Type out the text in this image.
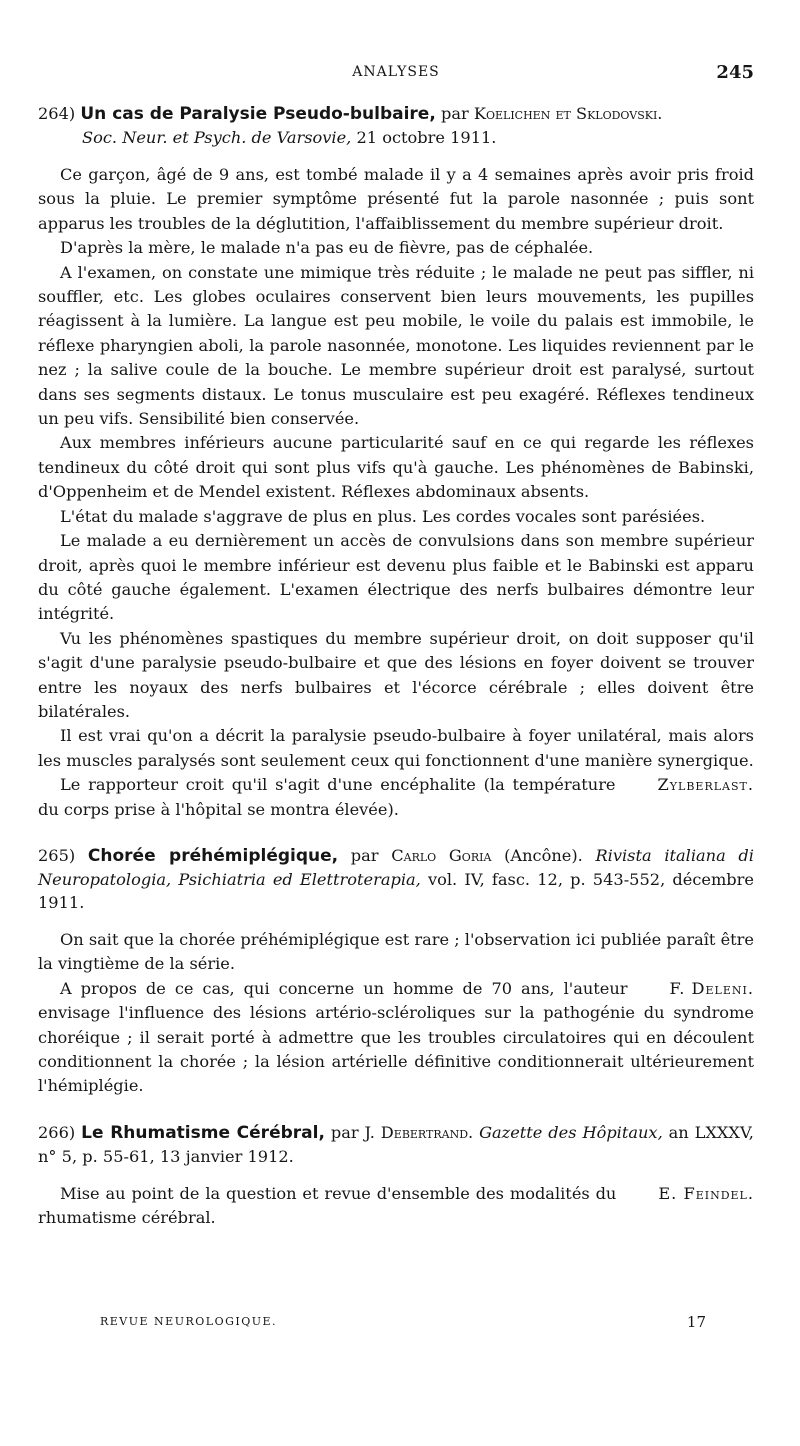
ANALYSES	245
264) Un cas de Paralysie Pseudo-bulbaire, par Koelichen et Sklodovski.
Soc. Neur. et Psych. de Varsovie, 21 octobre 1911.

Ce garçon, âgé de 9 ans, est tombé malade il y a 4 semaines après avoir pris froid sous la pluie. Le premier symptôme présenté fut la parole nasonnée ; puis sont apparus les troubles de la déglutition, l'affaiblissement du membre supérieur droit.

D'après la mère, le malade n'a pas eu de fièvre, pas de céphalée.

A l'examen, on constate une mimique très réduite ; le malade ne peut pas siffler, ni souffler, etc. Les globes oculaires conservent bien leurs mouvements, les pupilles réagissent à la lumière. La langue est peu mobile, le voile du palais est immobile, le réflexe pharyngien aboli, la parole nasonnée, monotone. Les liquides reviennent par le nez ; la salive coule de la bouche. Le membre supérieur droit est paralysé, surtout dans ses segments distaux. Le tonus musculaire est peu exagéré. Réflexes tendineux un peu vifs. Sensibilité bien conservée.

Aux membres inférieurs aucune particularité sauf en ce qui regarde les réflexes tendineux du côté droit qui sont plus vifs qu'à gauche. Les phénomènes de Babinski, d'Oppenheim et de Mendel existent. Réflexes abdominaux absents.

L'état du malade s'aggrave de plus en plus. Les cordes vocales sont parésiées.

Le malade a eu dernièrement un accès de convulsions dans son membre supérieur droit, après quoi le membre inférieur est devenu plus faible et le Babinski est apparu du côté gauche également. L'examen électrique des nerfs bulbaires démontre leur intégrité.

Vu les phénomènes spastiques du membre supérieur droit, on doit supposer qu'il s'agit d'une paralysie pseudo-bulbaire et que des lésions en foyer doivent se trouver entre les noyaux des nerfs bulbaires et l'écorce cérébrale ; elles doivent être bilatérales.

Il est vrai qu'on a décrit la paralysie pseudo-bulbaire à foyer unilatéral, mais alors les muscles paralysés sont seulement ceux qui fonctionnent d'une manière synergique.

Zylberlast.
Le rapporteur croit qu'il s'agit d'une encéphalite (la température du corps prise à l'hôpital se montra élevée).

265) Chorée préhémiplégique, par Carlo Goria (Ancône). Rivista italiana di Neuropatologia, Psichiatria ed Elettroterapia, vol. IV, fasc. 12, p. 543-552, décembre 1911.

On sait que la chorée préhémiplégique est rare ; l'observation ici publiée paraît être la vingtième de la série.

F. Deleni.
A propos de ce cas, qui concerne un homme de 70 ans, l'auteur envisage l'influence des lésions artério-scléroliques sur la pathogénie du syndrome choréique ; il serait porté à admettre que les troubles circulatoires qui en découlent conditionnent la chorée ; la lésion artérielle définitive conditionnerait ultérieurement l'hémiplégie.

266) Le Rhumatisme Cérébral, par J. Debertrand. Gazette des Hôpitaux, an LXXXV, n° 5, p. 55-61, 13 janvier 1912.

E. Feindel.
Mise au point de la question et revue d'ensemble des modalités du rhumatisme cérébral.

REVUE NEUROLOGIQUE.	17
